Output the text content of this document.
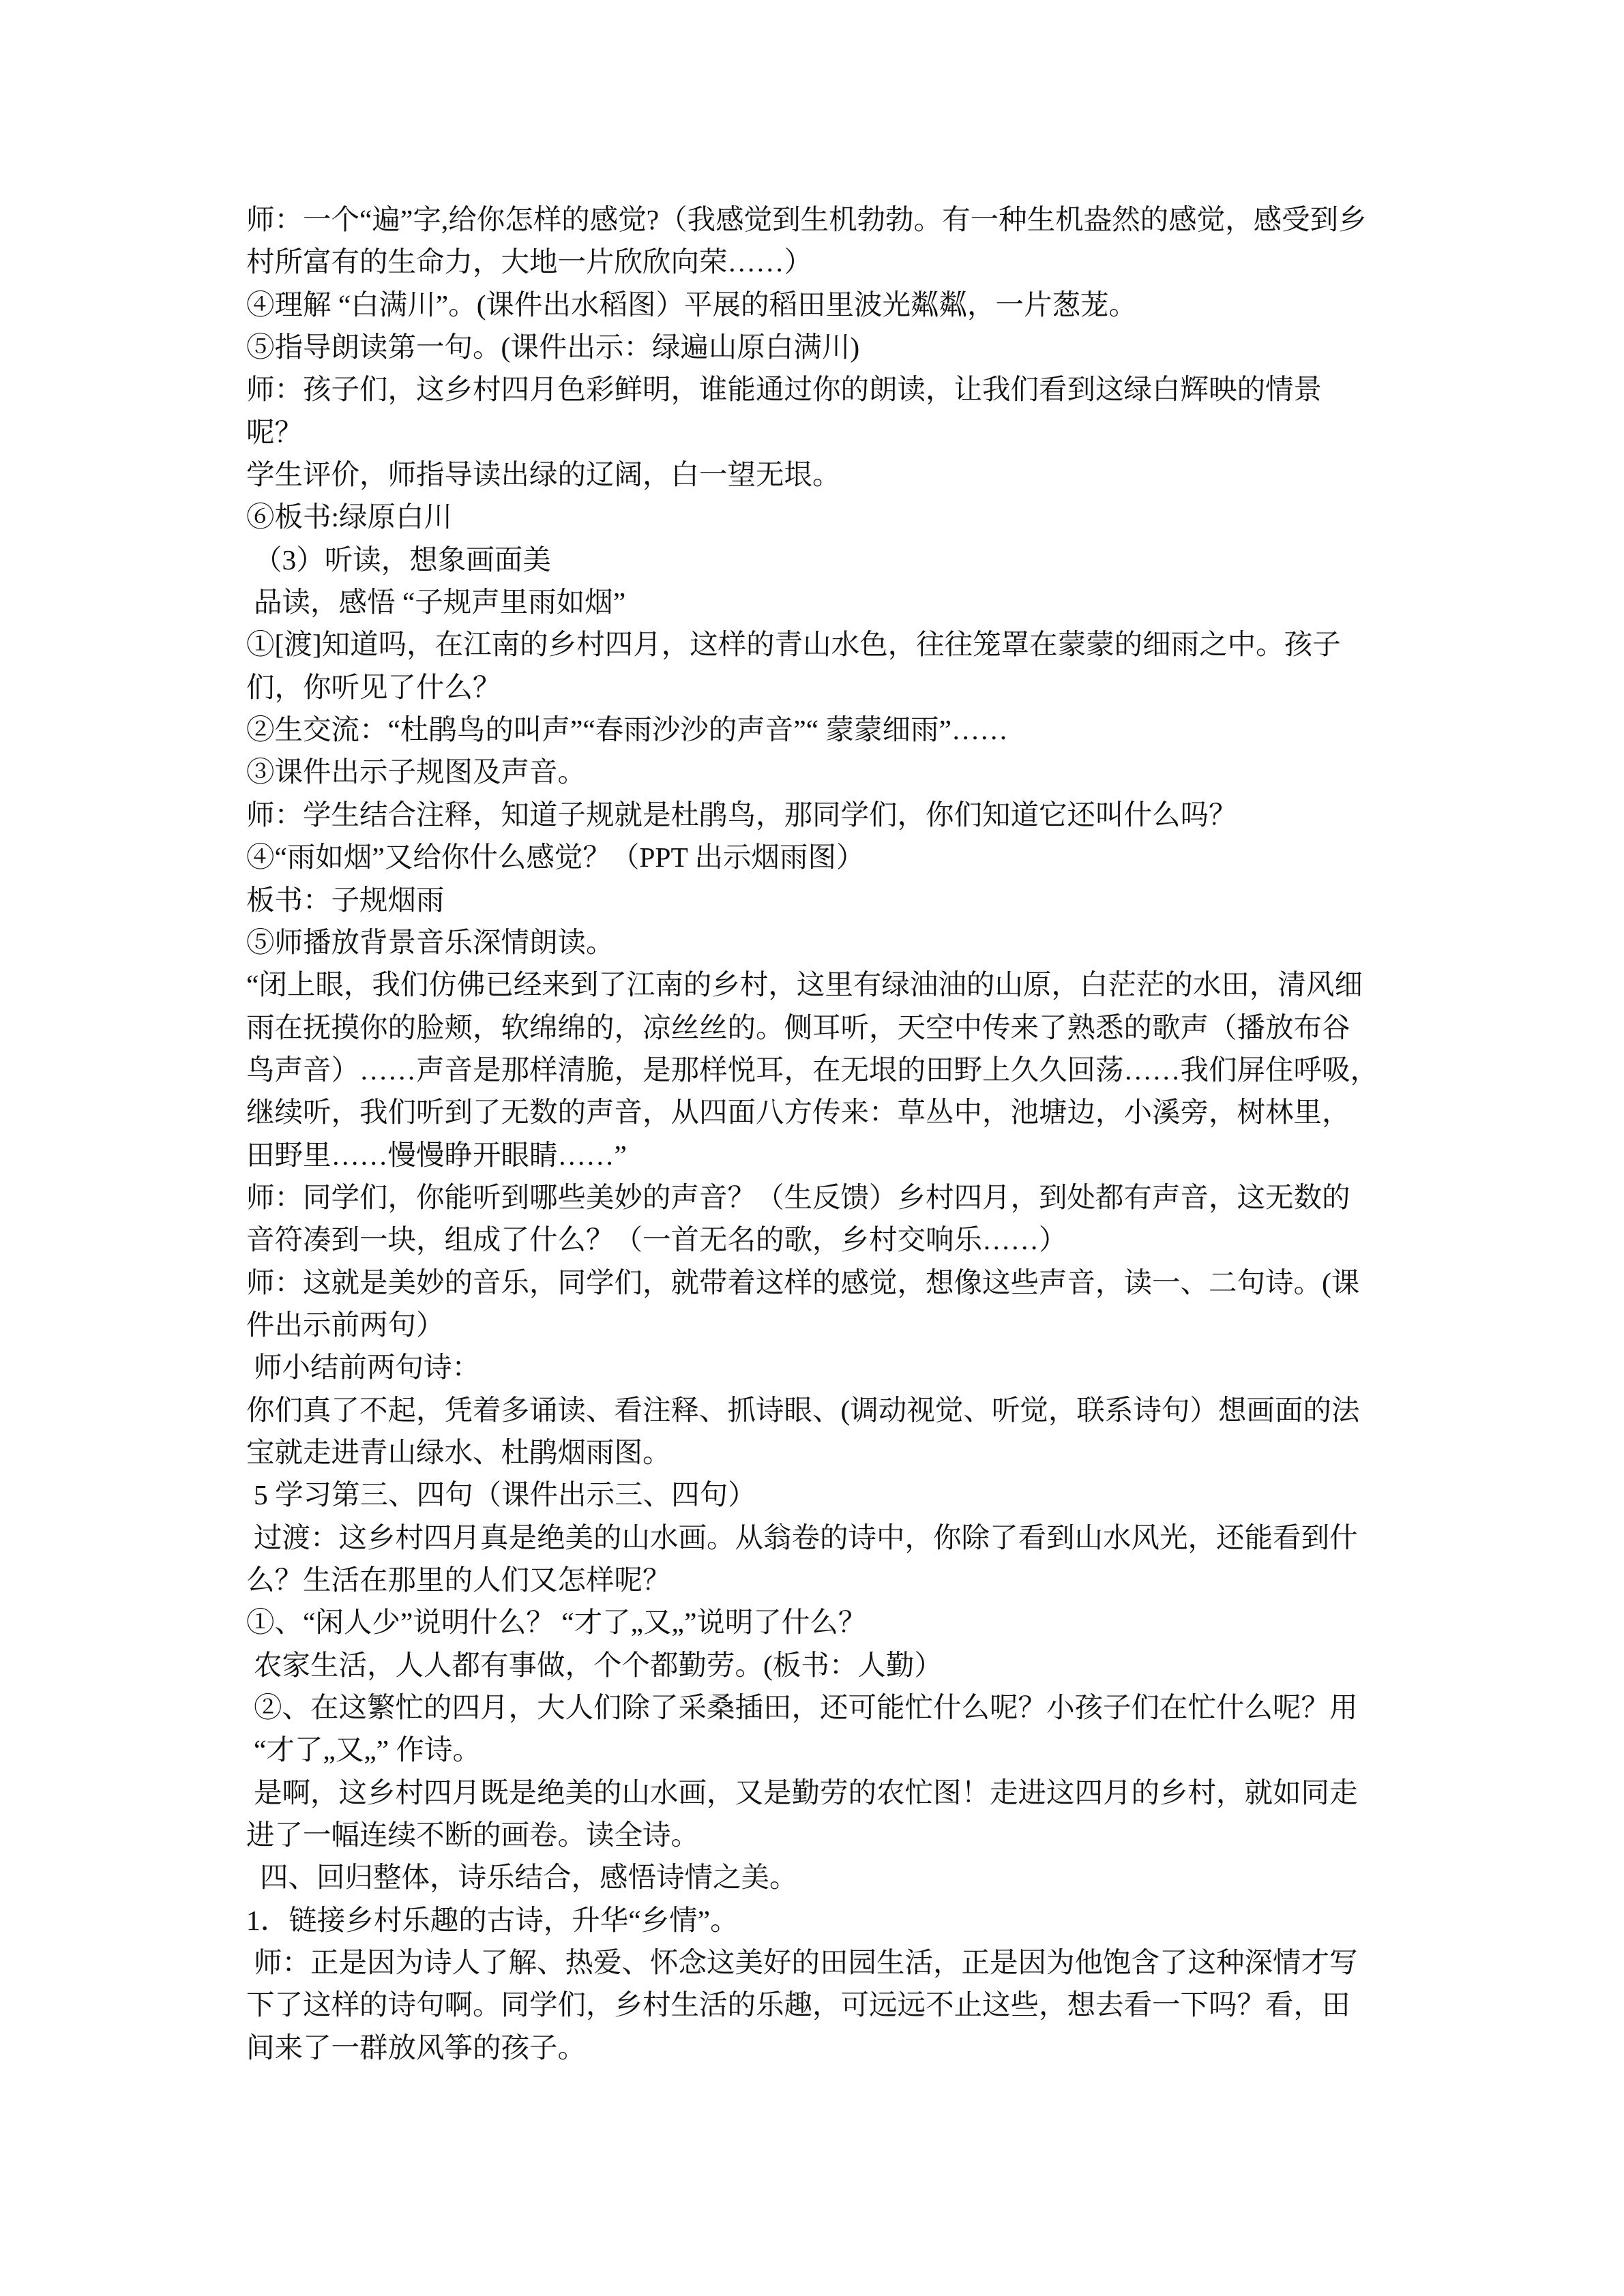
师：一个“遍”字,给你怎样的感觉?（我感觉到生机勃勃。有一种生机盎然的感觉，感受到乡
村所富有的生命力，大地一片欣欣向荣……）
④理解 “白满川”。(课件出水稻图）平展的稻田里波光粼粼，一片葱茏。
⑤指导朗读第一句。(课件出示：绿遍山原白满川)
师：孩子们，这乡村四月色彩鲜明，谁能通过你的朗读，让我们看到这绿白辉映的情景
呢？
学生评价，师指导读出绿的辽阔，白一望无垠。
⑥板书:绿原白川
（3）听读，想象画面美
品读，感悟 “子规声里雨如烟”
①[渡]知道吗，在江南的乡村四月，这样的青山水色，往往笼罩在蒙蒙的细雨之中。孩子
们，你听见了什么？
②生交流：“杜鹃鸟的叫声”“春雨沙沙的声音”“ 蒙蒙细雨”……
③课件出示子规图及声音。
师：学生结合注释，知道子规就是杜鹃鸟，那同学们，你们知道它还叫什么吗？
④“雨如烟”又给你什么感觉？（PPT 出示烟雨图）
板书：子规烟雨
⑤师播放背景音乐深情朗读。
“闭上眼，我们仿佛已经来到了江南的乡村，这里有绿油油的山原，白茫茫的水田，清风细
雨在抚摸你的脸颊，软绵绵的，凉丝丝的。侧耳听，天空中传来了熟悉的歌声（播放布谷
鸟声音）……声音是那样清脆，是那样悦耳，在无垠的田野上久久回荡……我们屏住呼吸，
继续听，我们听到了无数的声音，从四面八方传来：草丛中，池塘边，小溪旁，树林里，
田野里……慢慢睁开眼睛……”
师：同学们，你能听到哪些美妙的声音？（生反馈）乡村四月，到处都有声音，这无数的
音符凑到一块，组成了什么？（一首无名的歌，乡村交响乐……）
师：这就是美妙的音乐，同学们，就带着这样的感觉，想像这些声音，读一、二句诗。(课
件出示前两句）
师小结前两句诗：
你们真了不起，凭着多诵读、看注释、抓诗眼、(调动视觉、听觉，联系诗句）想画面的法
宝就走进青山绿水、杜鹃烟雨图。
5 学习第三、四句（课件出示三、四句）
过渡：这乡村四月真是绝美的山水画。从翁卷的诗中，你除了看到山水风光，还能看到什
么？生活在那里的人们又怎样呢？
①、“闲人少”说明什么？ “才了„又„”说明了什么？
农家生活，人人都有事做，个个都勤劳。(板书：人勤）
②、在这繁忙的四月，大人们除了采桑插田，还可能忙什么呢？小孩子们在忙什么呢？用
“才了„又„” 作诗。
是啊，这乡村四月既是绝美的山水画，又是勤劳的农忙图！走进这四月的乡村，就如同走
进了一幅连续不断的画卷。读全诗。
四、回归整体，诗乐结合，感悟诗情之美。
1．链接乡村乐趣的古诗，升华“乡情”。
师：正是因为诗人了解、热爱、怀念这美好的田园生活，正是因为他饱含了这种深情才写
下了这样的诗句啊。同学们，乡村生活的乐趣，可远远不止这些，想去看一下吗？看，田
间来了一群放风筝的孩子。
